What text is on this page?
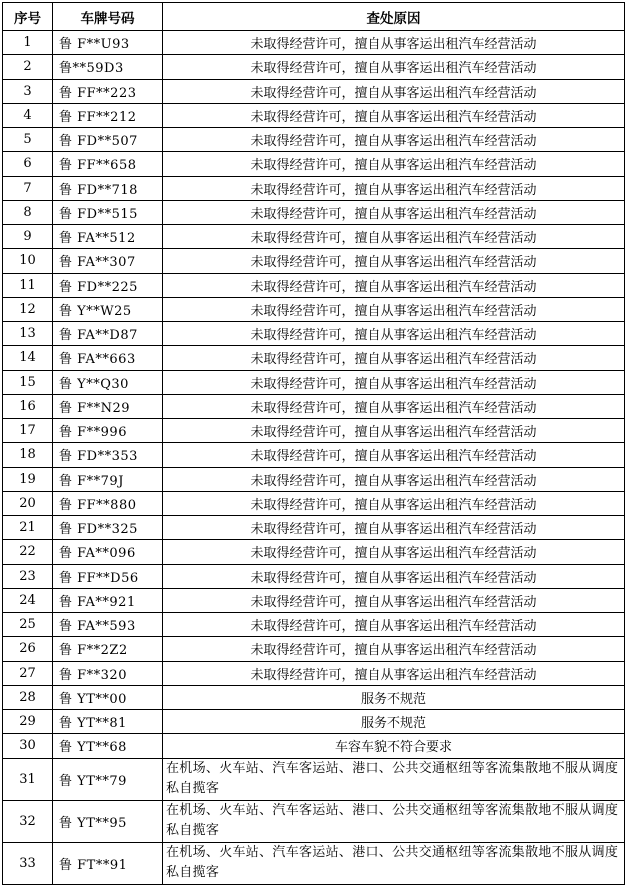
序号	车牌号码	查处原因
1	鲁 F**U93	未取得经营许可，擅自从事客运出租汽车经营活动
2	鲁**59D3	未取得经营许可，擅自从事客运出租汽车经营活动
3	鲁 FF**223	未取得经营许可，擅自从事客运出租汽车经营活动
4	鲁 FF**212	未取得经营许可，擅自从事客运出租汽车经营活动
5	鲁 FD**507	未取得经营许可，擅自从事客运出租汽车经营活动
6	鲁 FF**658	未取得经营许可，擅自从事客运出租汽车经营活动
7	鲁 FD**718	未取得经营许可，擅自从事客运出租汽车经营活动
8	鲁 FD**515	未取得经营许可，擅自从事客运出租汽车经营活动
9	鲁 FA**512	未取得经营许可，擅自从事客运出租汽车经营活动
10	鲁 FA**307	未取得经营许可，擅自从事客运出租汽车经营活动
11	鲁 FD**225	未取得经营许可，擅自从事客运出租汽车经营活动
12	鲁 Y**W25	未取得经营许可，擅自从事客运出租汽车经营活动
13	鲁 FA**D87	未取得经营许可，擅自从事客运出租汽车经营活动
14	鲁 FA**663	未取得经营许可，擅自从事客运出租汽车经营活动
15	鲁 Y**Q30	未取得经营许可，擅自从事客运出租汽车经营活动
16	鲁 F**N29	未取得经营许可，擅自从事客运出租汽车经营活动
17	鲁 F**996	未取得经营许可，擅自从事客运出租汽车经营活动
18	鲁 FD**353	未取得经营许可，擅自从事客运出租汽车经营活动
19	鲁 F**79J	未取得经营许可，擅自从事客运出租汽车经营活动
20	鲁 FF**880	未取得经营许可，擅自从事客运出租汽车经营活动
21	鲁 FD**325	未取得经营许可，擅自从事客运出租汽车经营活动
22	鲁 FA**096	未取得经营许可，擅自从事客运出租汽车经营活动
23	鲁 FF**D56	未取得经营许可，擅自从事客运出租汽车经营活动
24	鲁 FA**921	未取得经营许可，擅自从事客运出租汽车经营活动
25	鲁 FA**593	未取得经营许可，擅自从事客运出租汽车经营活动
26	鲁 F**2Z2	未取得经营许可，擅自从事客运出租汽车经营活动
27	鲁 F**320	未取得经营许可，擅自从事客运出租汽车经营活动
28	鲁 YT**00	服务不规范
29	鲁 YT**81	服务不规范
30	鲁 YT**68	车容车貌不符合要求
31	鲁 YT**79	在机场、火车站、汽车客运站、港口、公共交通枢纽等客流集散地不服从调度私自揽客
32	鲁 YT**95	在机场、火车站、汽车客运站、港口、公共交通枢纽等客流集散地不服从调度私自揽客
33	鲁 FT**91	在机场、火车站、汽车客运站、港口、公共交通枢纽等客流集散地不服从调度私自揽客
